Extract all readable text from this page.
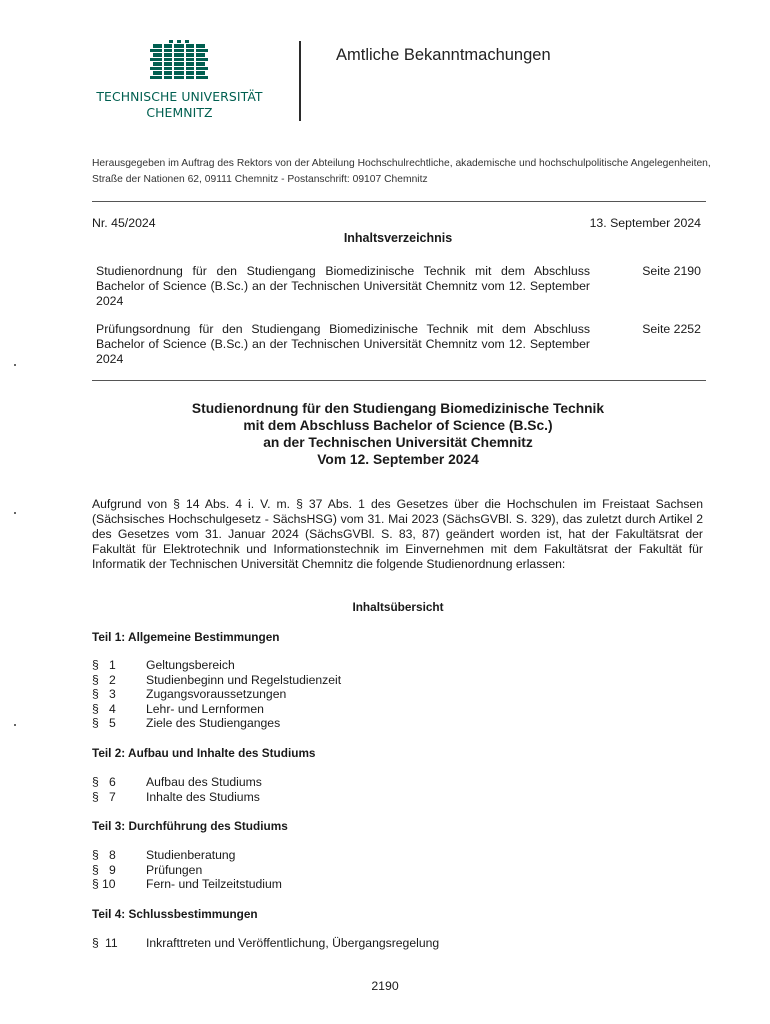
TECHNISCHE UNIVERSITÄT
CHEMNITZ
Amtliche Bekanntmachungen
Herausgegeben im Auftrag des Rektors von der Abteilung Hochschulrechtliche, akademische und hochschulpolitische Angelegenheiten, Straße der Nationen 62, 09111 Chemnitz - Postanschrift: 09107 Chemnitz
Nr. 45/2024	13. September 2024
Inhaltsverzeichnis
Studienordnung für den Studiengang Biomedizinische Technik mit dem Abschluss Bachelor of Science (B.Sc.) an der Technischen Universität Chemnitz vom 12. September 2024
Seite 2190
Prüfungsordnung für den Studiengang Biomedizinische Technik mit dem Abschluss Bachelor of Science (B.Sc.) an der Technischen Universität Chemnitz vom 12. September 2024
Seite 2252
Studienordnung für den Studiengang Biomedizinische Technik
mit dem Abschluss Bachelor of Science (B.Sc.)
an der Technischen Universität Chemnitz
Vom 12. September 2024
Aufgrund von § 14 Abs. 4 i. V. m. § 37 Abs. 1 des Gesetzes über die Hochschulen im Freistaat Sachsen (Sächsisches Hochschulgesetz - SächsHSG) vom 31. Mai 2023 (SächsGVBl. S. 329), das zuletzt durch Artikel 2 des Gesetzes vom 31. Januar 2024 (SächsGVBl. S. 83, 87) geändert worden ist, hat der Fakultätsrat der Fakultät für Elektrotechnik und Informationstechnik im Einvernehmen mit dem Fakultätsrat der Fakultät für Informatik der Technischen Universität Chemnitz die folgende Studienordnung erlassen:
Inhaltsübersicht
Teil 1: Allgemeine Bestimmungen
§ 1	Geltungsbereich
§ 2	Studienbeginn und Regelstudienzeit
§ 3	Zugangsvoraussetzungen
§ 4	Lehr- und Lernformen
§ 5	Ziele des Studienganges
Teil 2: Aufbau und Inhalte des Studiums
§ 6	Aufbau des Studiums
§ 7	Inhalte des Studiums
Teil 3: Durchführung des Studiums
§ 8	Studienberatung
§ 9	Prüfungen
§ 10	Fern- und Teilzeitstudium
Teil 4: Schlussbestimmungen
§ 11	Inkrafttreten und Veröffentlichung, Übergangsregelung
2190
